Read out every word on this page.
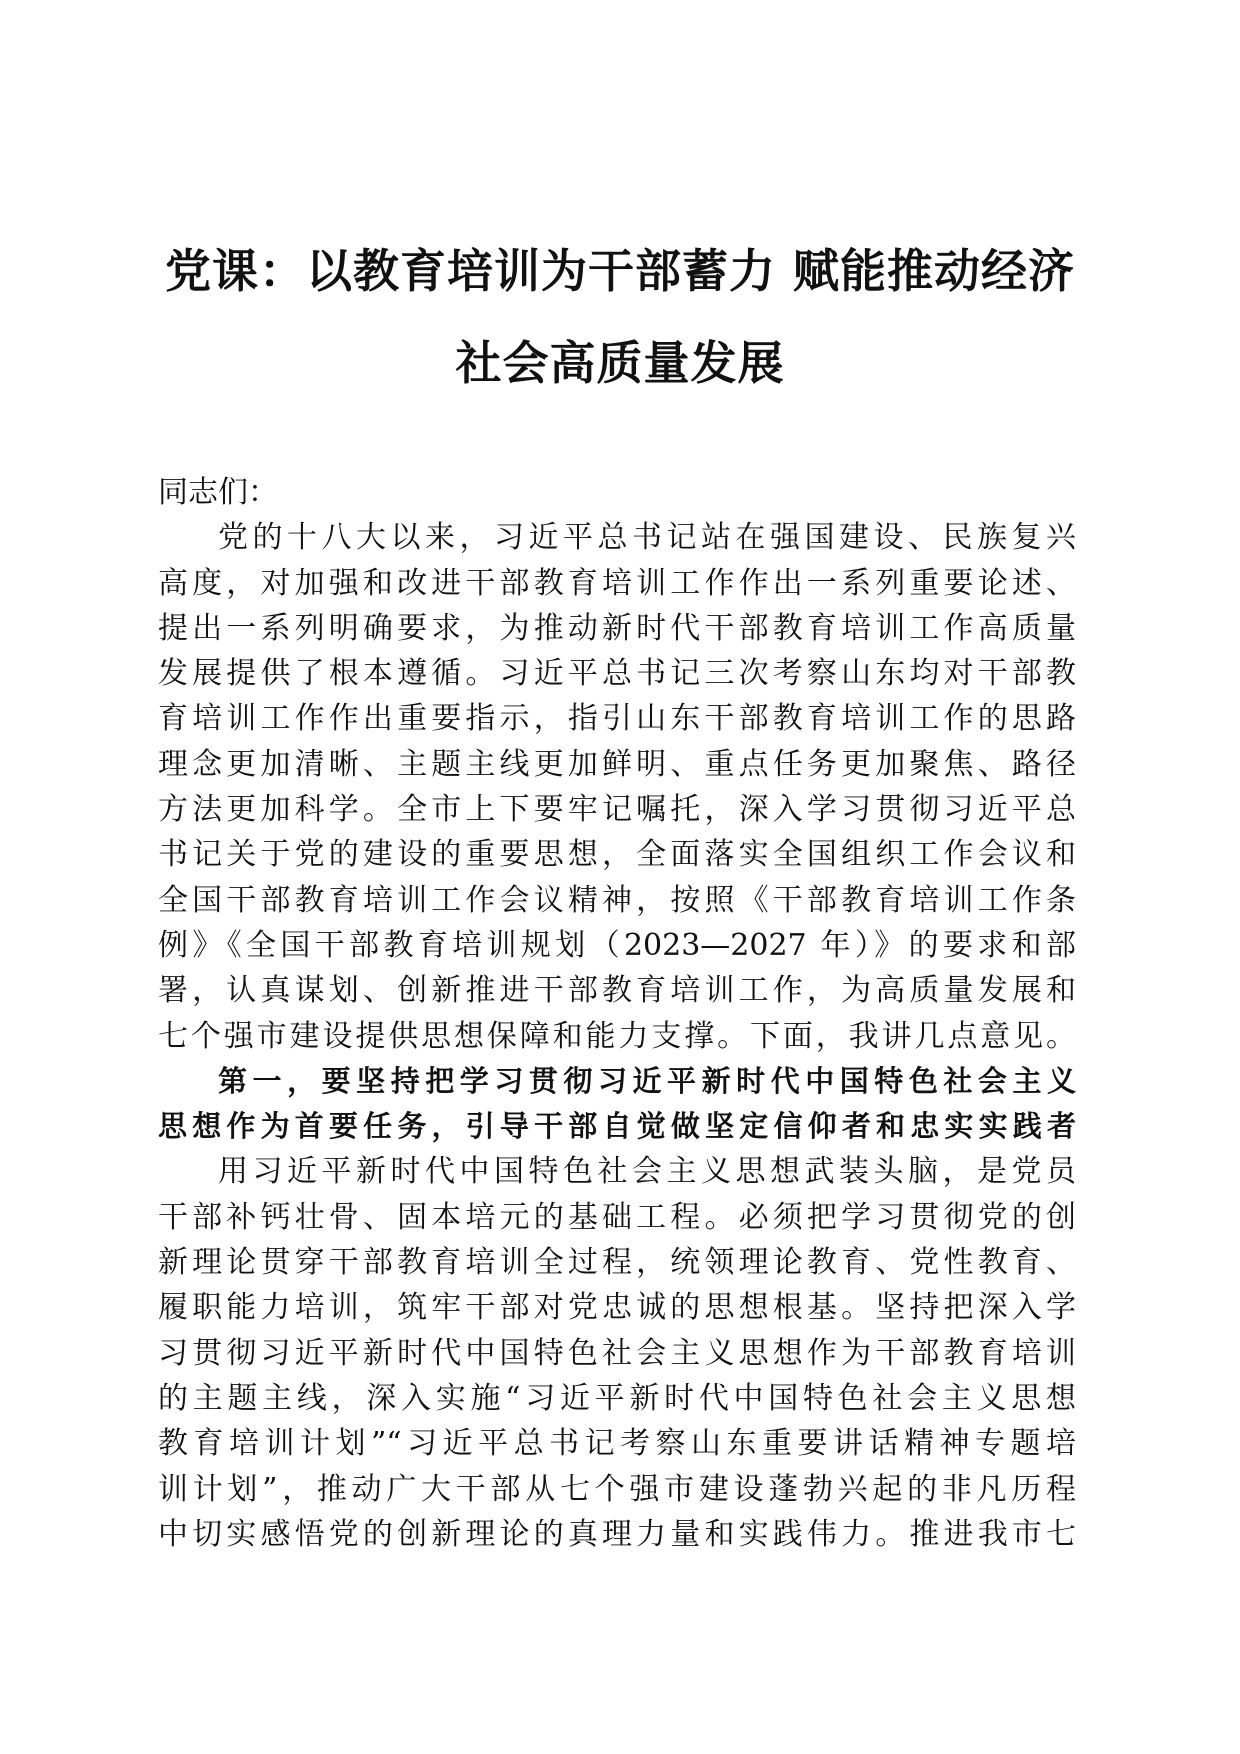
党课：以教育培训为干部蓄力 赋能推动经济
社会高质量发展
同志们：
党的十八大以来，习近平总书记站在强国建设、民族复兴
高度，对加强和改进干部教育培训工作作出一系列重要论述、
提出一系列明确要求，为推动新时代干部教育培训工作高质量
发展提供了根本遵循。习近平总书记三次考察山东均对干部教
育培训工作作出重要指示，指引山东干部教育培训工作的思路
理念更加清晰、主题主线更加鲜明、重点任务更加聚焦、路径
方法更加科学。全市上下要牢记嘱托，深入学习贯彻习近平总
书记关于党的建设的重要思想，全面落实全国组织工作会议和
全国干部教育培训工作会议精神，按照《干部教育培训工作条
例》《全国干部教育培训规划（2023—2027 年）》的要求和部
署，认真谋划、创新推进干部教育培训工作，为高质量发展和
七个强市建设提供思想保障和能力支撑。下面，我讲几点意见。
第一，要坚持把学习贯彻习近平新时代中国特色社会主义
思想作为首要任务，引导干部自觉做坚定信仰者和忠实实践者
用习近平新时代中国特色社会主义思想武装头脑，是党员
干部补钙壮骨、固本培元的基础工程。必须把学习贯彻党的创
新理论贯穿干部教育培训全过程，统领理论教育、党性教育、
履职能力培训，筑牢干部对党忠诚的思想根基。坚持把深入学
习贯彻习近平新时代中国特色社会主义思想作为干部教育培训
的主题主线，深入实施“习近平新时代中国特色社会主义思想
教育培训计划”“习近平总书记考察山东重要讲话精神专题培
训计划”，推动广大干部从七个强市建设蓬勃兴起的非凡历程
中切实感悟党的创新理论的真理力量和实践伟力。推进我市七
